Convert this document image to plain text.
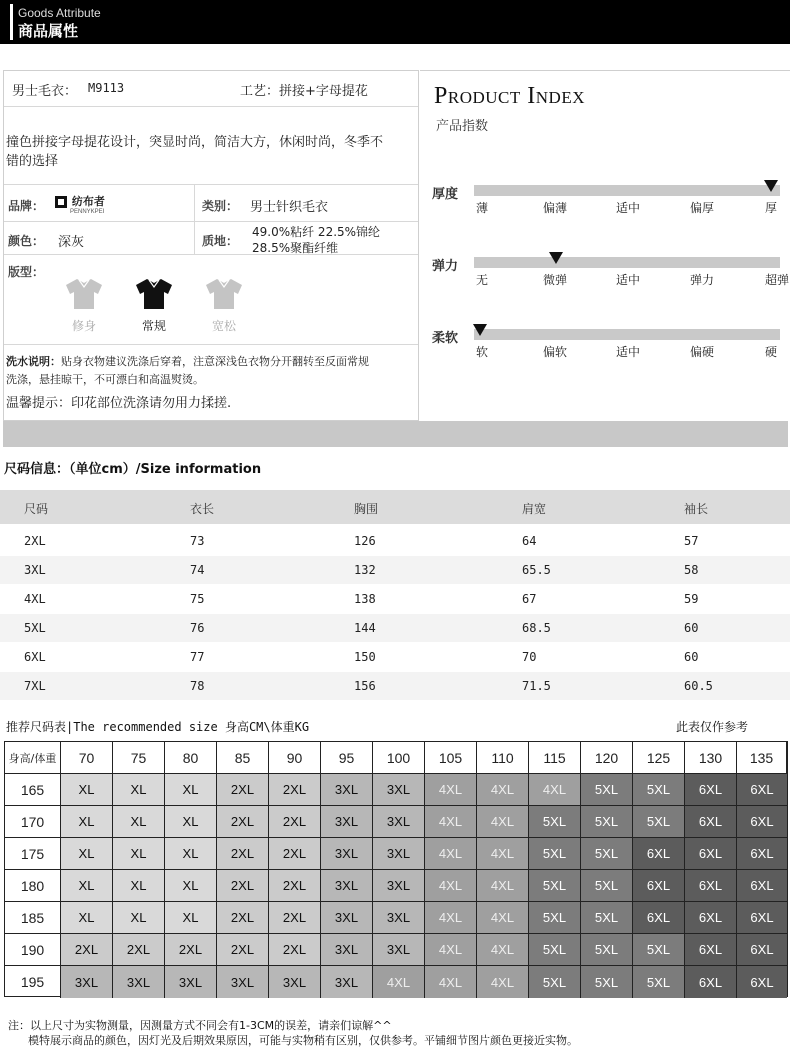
Goods Attribute
商品属性
男士毛衣： M9113	工艺：拼接+字母提花
撞色拼接字母提花设计，突显时尚，简洁大方，休闲时尚，冬季不
错的选择
品牌：	纺布者

PENNYKPEI	类别： 男士针织毛衣
颜色： 深灰	质地：
49.0%粘纤 22.5%锦纶
28.5%聚酯纤维
版型：
修身	常规	宽松
洗水说明：贴身衣物建议洗涤后穿着，注意深浅色衣物分开翻转至反面常规
洗涤，悬挂晾干，不可漂白和高温熨烫。
温馨提示：印花部位洗涤请勿用力揉搓.
PRODUCT INDEX
产品指数
厚度
薄	偏薄	适中	偏厚	厚
弹力
无	微弹	适中	弹力	超弹
柔软
软	偏软	适中	偏硬	硬
尺码信息：（单位cm）/Size information
尺码	衣长	胸围	肩宽	袖长
2XL	73	126	64	57
3XL	74	132	65.5	58
4XL	75	138	67	59
5XL	76	144	68.5	60
6XL	77	150	70	60
7XL	78	156	71.5	60.5
推荐尺码表|The recommended size 身高CM\体重KG	此表仅作参考
身高/体重	70	75	80	85	90	95	100	105	110	115	120	125	130	135
165	XL	XL	XL	2XL	2XL	3XL	3XL	4XL	4XL	4XL	5XL	5XL	6XL	6XL
170	XL	XL	XL	2XL	2XL	3XL	3XL	4XL	4XL	5XL	5XL	5XL	6XL	6XL
175	XL	XL	XL	2XL	2XL	3XL	3XL	4XL	4XL	5XL	5XL	6XL	6XL	6XL
180	XL	XL	XL	2XL	2XL	3XL	3XL	4XL	4XL	5XL	5XL	6XL	6XL	6XL
185	XL	XL	XL	2XL	2XL	3XL	3XL	4XL	4XL	5XL	5XL	6XL	6XL	6XL
190	2XL	2XL	2XL	2XL	2XL	3XL	3XL	4XL	4XL	5XL	5XL	5XL	6XL	6XL
195	3XL	3XL	3XL	3XL	3XL	3XL	4XL	4XL	4XL	5XL	5XL	5XL	6XL	6XL
注：以上尺寸为实物测量，因测量方式不同会有1-3CM的误差，请亲们谅解^^
模特展示商品的颜色，因灯光及后期效果原因，可能与实物稍有区别，仅供参考。平铺细节图片颜色更接近实物。
